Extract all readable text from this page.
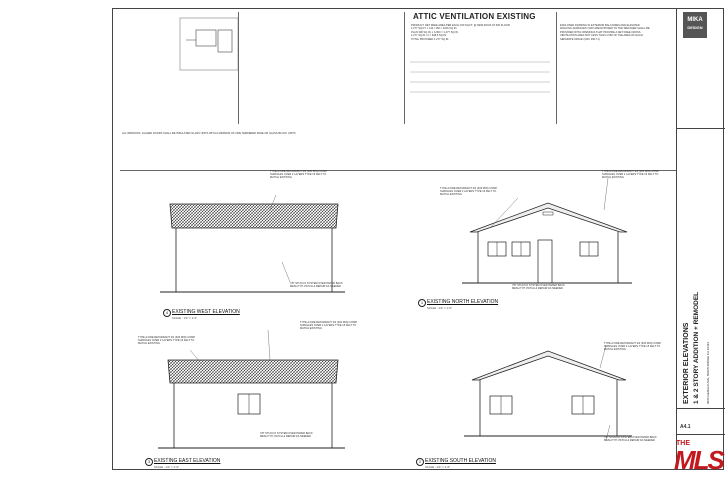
ATTIC VENTILATION EXISTING
PRODUCT: NET FREE AREA PER EACH 150 SQ.FT. @ NEW ROOF AT 300 FLOOR
1,277 SQ.FT. x 144 / 150 = 1226 SQ.IN.
PLAN 300 SQ.IN. x 1/300 = 1,277 SQ.IN.
1,277 SQ.IN / 2 = 638.5 SQ.IN.
TOTAL PROVIDED 1,277 SQ.IN.
ENCLOSED FRAMING IN EXTERIOR BALCONIES AND ELEVATED
WALKING SURFACES THAT ARE EXPOSED TO THE WEATHER SHALL BE
PROVIDED WITH OPENINGS THAT PROVIDE A NET FREE CROSS
VENTILATION AREA NOT LESS THAN 1/150 OF THE AREA OF EACH
SEPARATE SPACE (CRC R317.1)
ALL WINDOWS, GLAZED DOORS SHALL BE INSULATED GLASS UNITS WITH A MINIMUM OF ONE TEMPERED PANE OR GLASS BLOCK UNITS
TYPE A FIRE RETARDANT 3/2 (300 MIN) COMP. SHINGLES OVER 2 LAYERS TYPE 15 FELT TO MATCH EXISTING
7/8" STUCCO SYSTEM OVER PAPER BACK MESH TYP. PATCH & REPAIR AS NEEDED
TYPE A FIRE RETARDANT 3/2 (300 MIN) COMP. SHINGLES OVER 2 LAYERS TYPE 15 FELT TO MATCH EXISTING
TYPE A FIRE RETARDANT 3/2 (300 MIN) COMP. SHINGLES OVER 2 LAYERS TYPE 15 FELT TO MATCH EXISTING
7/8" STUCCO SYSTEM OVER PAPER BACK MESH TYP. PATCH & REPAIR AS NEEDED
TYPE A FIRE RETARDANT 3/2 (300 MIN) COMP. SHINGLES OVER 2 LAYERS TYPE 15 FELT TO MATCH EXISTING
TYPE A FIRE RETARDANT 3/2 (300 MIN) COMP. SHINGLES OVER 2 LAYERS TYPE 15 FELT TO MATCH EXISTING
7/8" STUCCO SYSTEM OVER PAPER BACK MESH TYP. PATCH & REPAIR AS NEEDED
TYPE A FIRE RETARDANT 3/2 (300 MIN) COMP. SHINGLES OVER 2 LAYERS TYPE 15 FELT TO MATCH EXISTING
7/8" STUCCO SYSTEM OVER PAPER BACK MESH TYP. PATCH & REPAIR AS NEEDED
4 EXISTING WEST ELEVATION
SCALE : 1/4" = 1'-0"
1 EXISTING NORTH ELEVATION
SCALE : 1/4" = 1'-0"
3 EXISTING EAST ELEVATION
SCALE : 1/4" = 1'-0"
2 EXISTING SOUTH ELEVATION
SCALE : 1/4" = 1'-0"
MIKA
DESIGN
EXTERIOR ELEVATIONS 1 & 2 STORY ADDITION + REMODEL 9626 GERALD AVE, NORTHRIDGE CA 91343
A4.1
THE
MLS
